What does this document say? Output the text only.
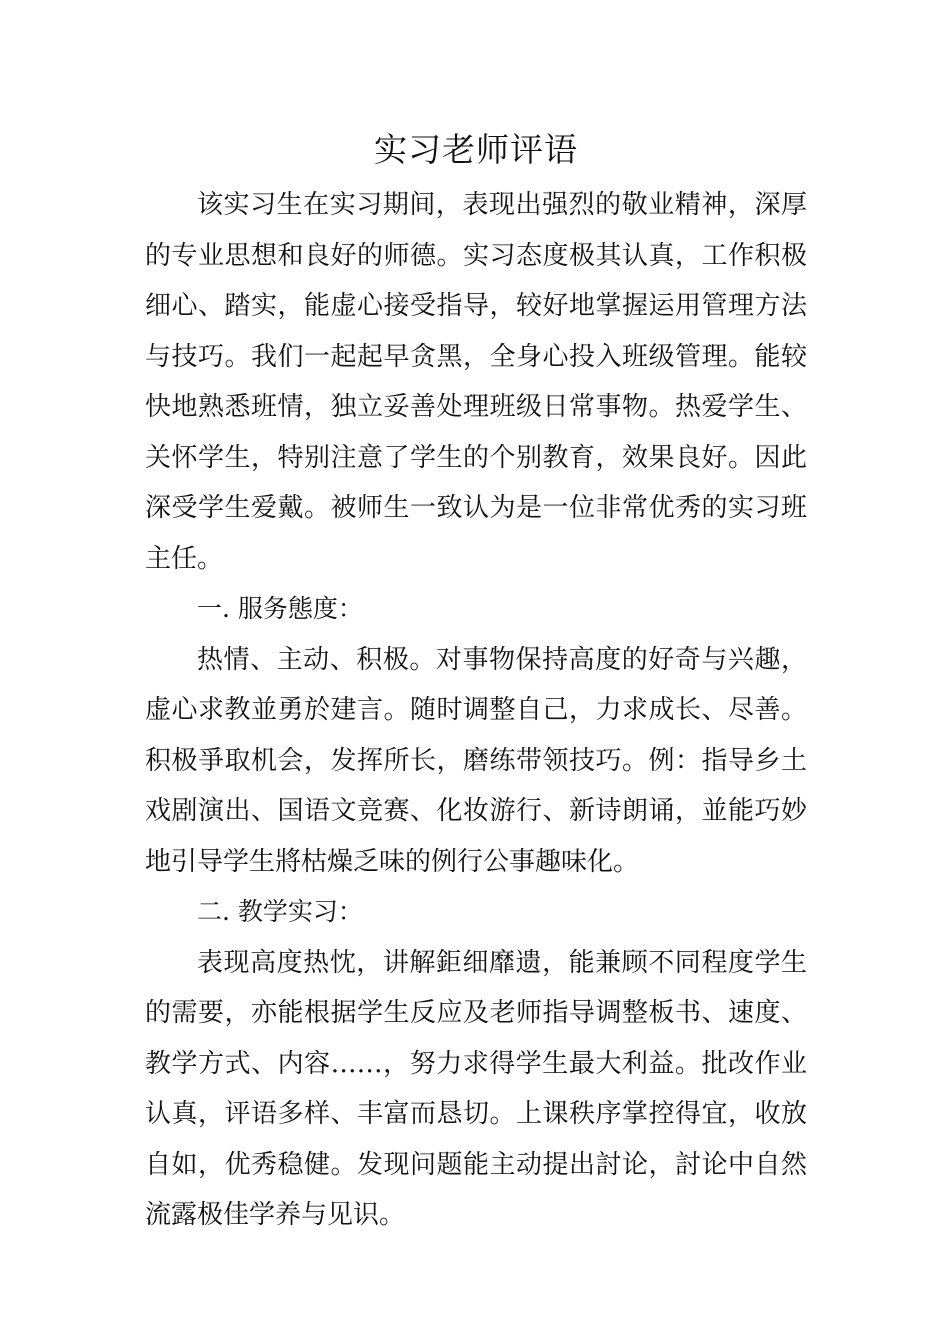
实习老师评语

该实习生在实习期间，表现出强烈的敬业精神，深厚的专业思想和良好的师德。实习态度极其认真，工作积极细心、踏实，能虚心接受指导，较好地掌握运用管理方法与技巧。我们一起起早贪黑，全身心投入班级管理。能较快地熟悉班情，独立妥善处理班级日常事物。热爱学生、关怀学生，特别注意了学生的个别教育，效果良好。因此深受学生爱戴。被师生一致认为是一位非常优秀的实习班主任。

一. 服务態度：

热情、主动、积极。对事物保持高度的好奇与兴趣，虚心求教並勇於建言。随时调整自己，力求成长、尽善。积极爭取机会，发挥所长，磨练带领技巧。例：指导乡土戏剧演出、国语文竞赛、化妆游行、新诗朗诵，並能巧妙地引导学生將枯燥乏味的例行公事趣味化。

二. 教学实习：

表现高度热忱，讲解鉅细靡遗，能兼顾不同程度学生的需要，亦能根据学生反应及老师指导调整板书、速度、教学方式、内容……，努力求得学生最大利益。批改作业认真，评语多样、丰富而恳切。上课秩序掌控得宜，收放自如，优秀稳健。发现问题能主动提出討论，討论中自然流露极佳学养与见识。
